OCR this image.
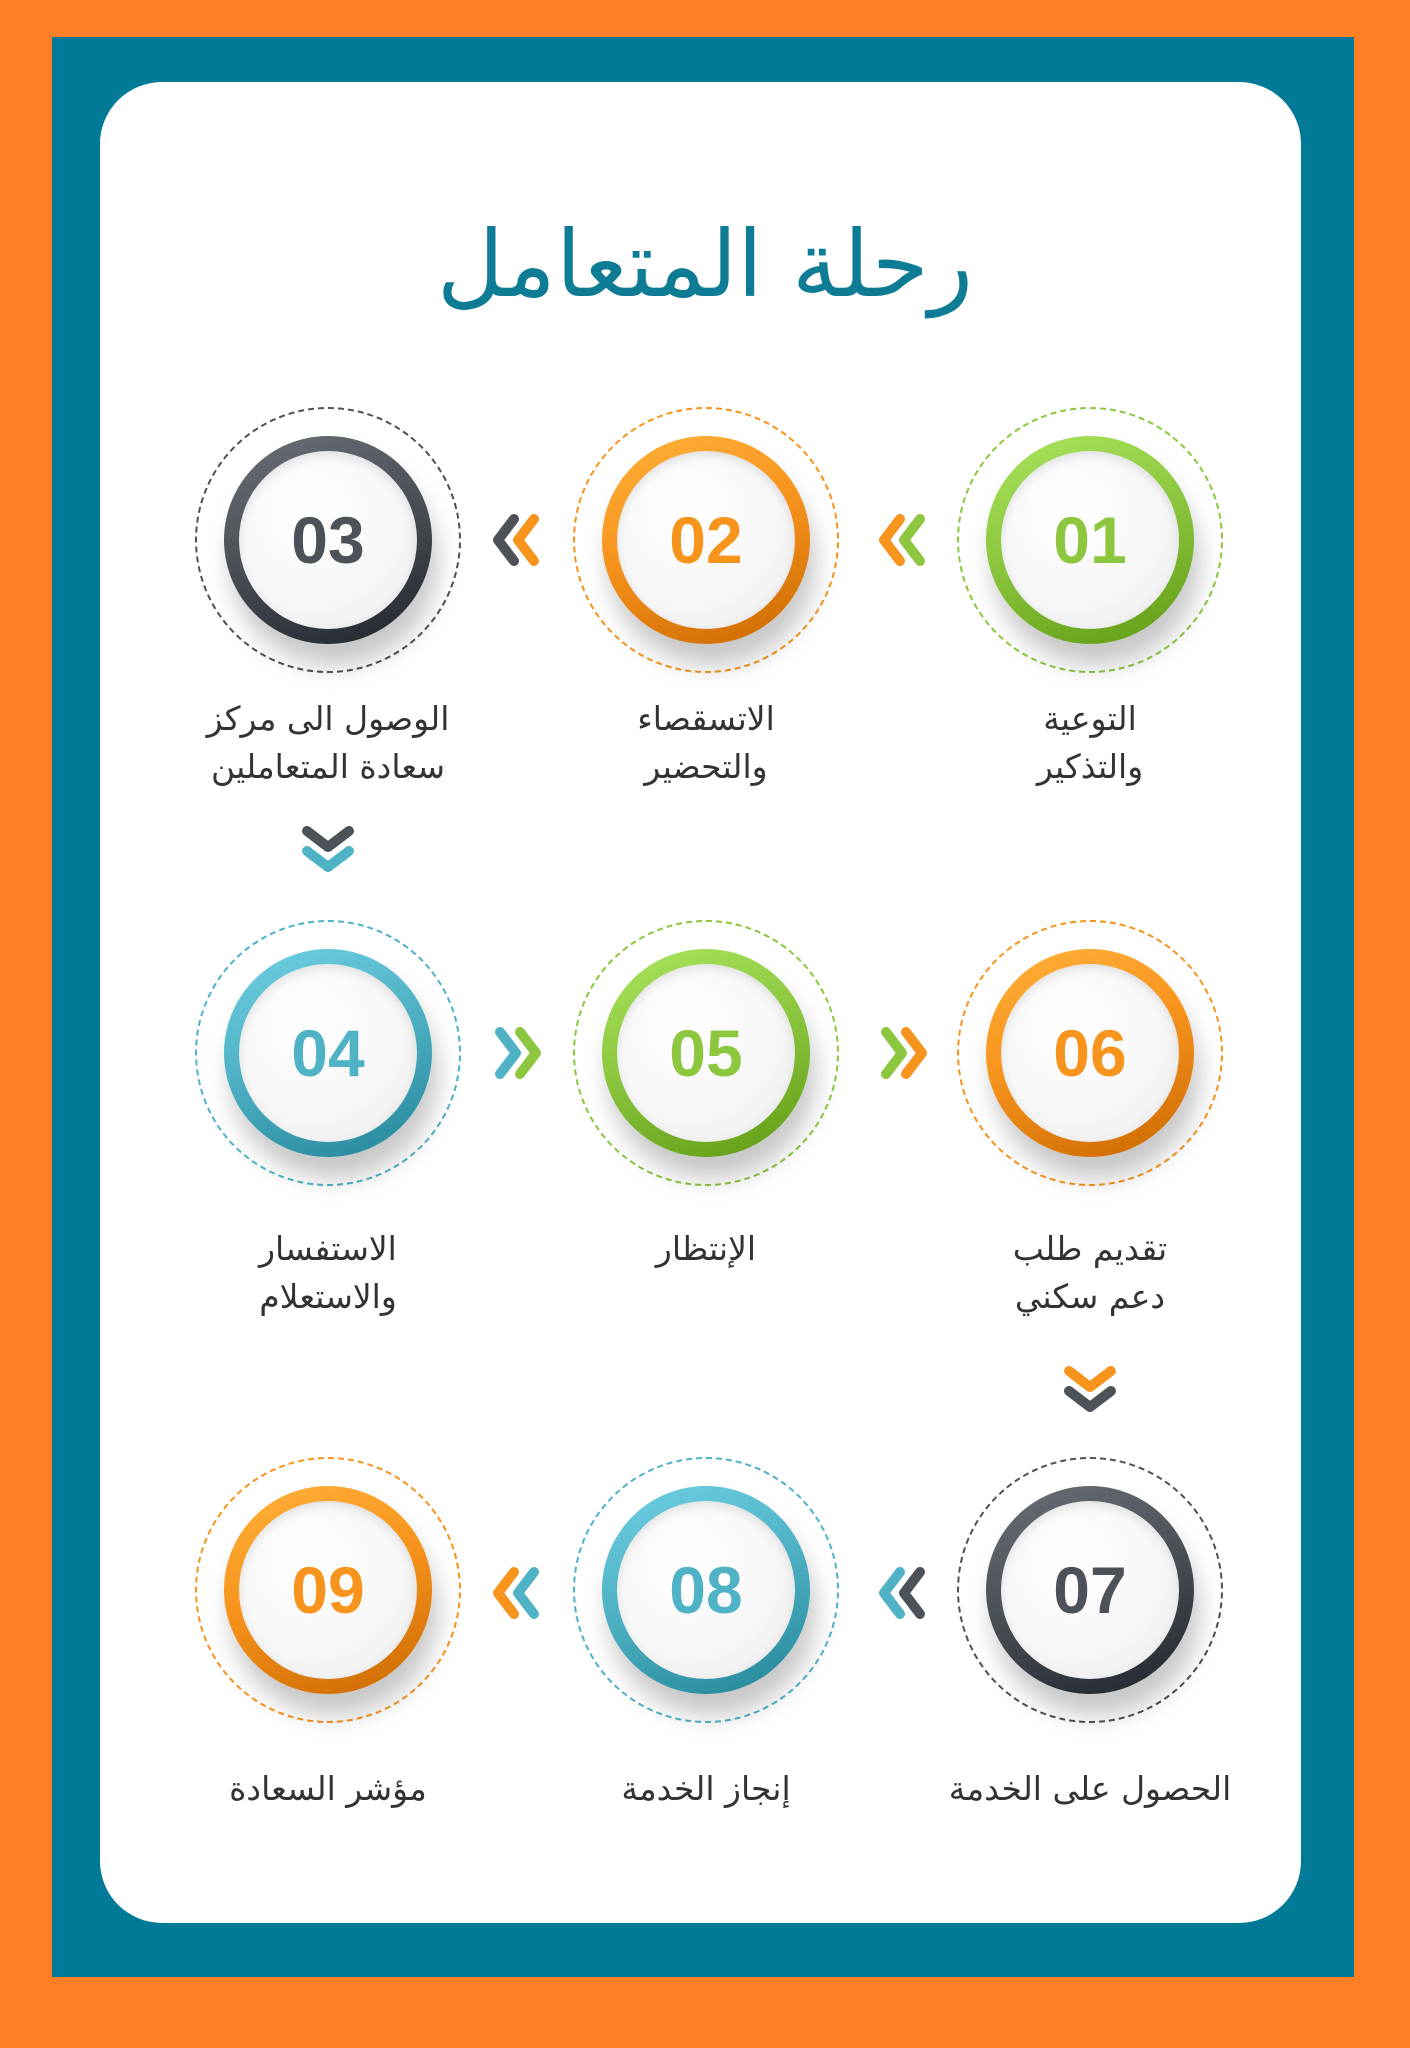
رحلة المتعامل
01
التوعية
والتذكير
02
الاتسقصاء
والتحضير
03
الوصول الى مركز
سعادة المتعاملين
04
الاستفسار
والاستعلام
05
الإنتظار
06
تقديم طلب
دعم سكني
07
الحصول على الخدمة
08
إنجاز الخدمة
09
مؤشر السعادة
